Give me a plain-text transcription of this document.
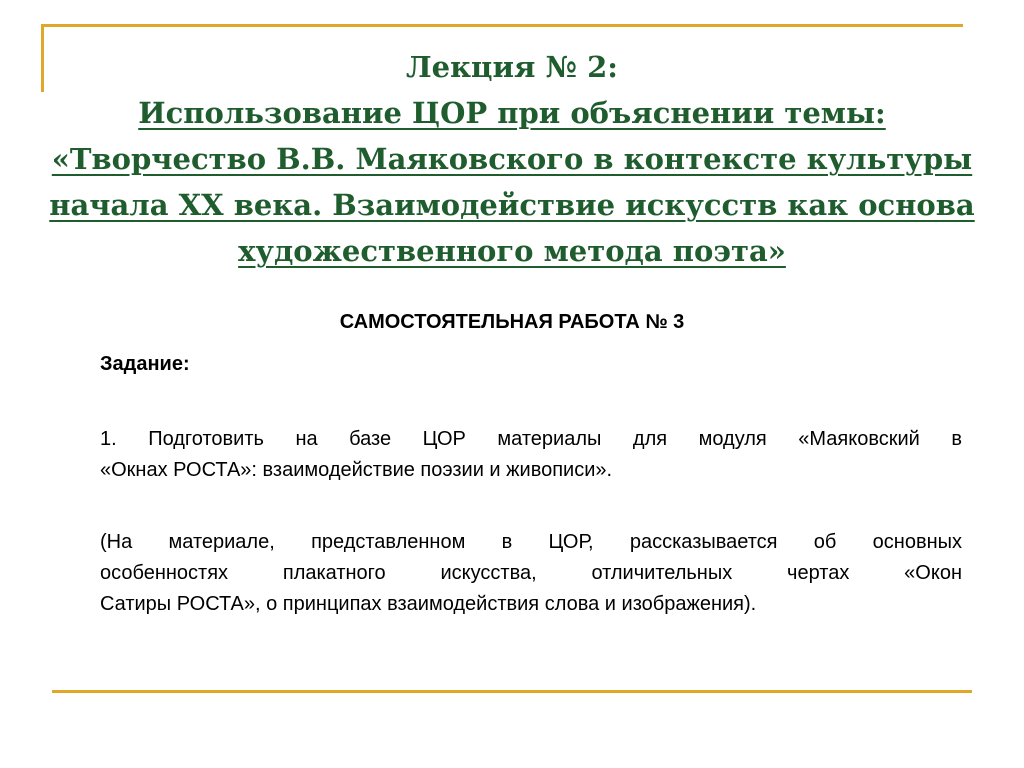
Лекция № 2:
Использование ЦОР при объяснении темы:
«Творчество В.В. Маяковского в контексте культуры
начала ХХ века. Взаимодействие искусств как основа
художественного метода поэта»
САМОСТОЯТЕЛЬНАЯ РАБОТА № 3
Задание:
1. Подготовить на базе ЦОР материалы для модуля «Маяковский в
«Окнах РОСТА»: взаимодействие поэзии и живописи».
(На материале, представленном в ЦОР, рассказывается об основных
особенностях плакатного искусства, отличительных чертах «Окон
Сатиры РОСТА», о принципах взаимодействия слова и изображения).
